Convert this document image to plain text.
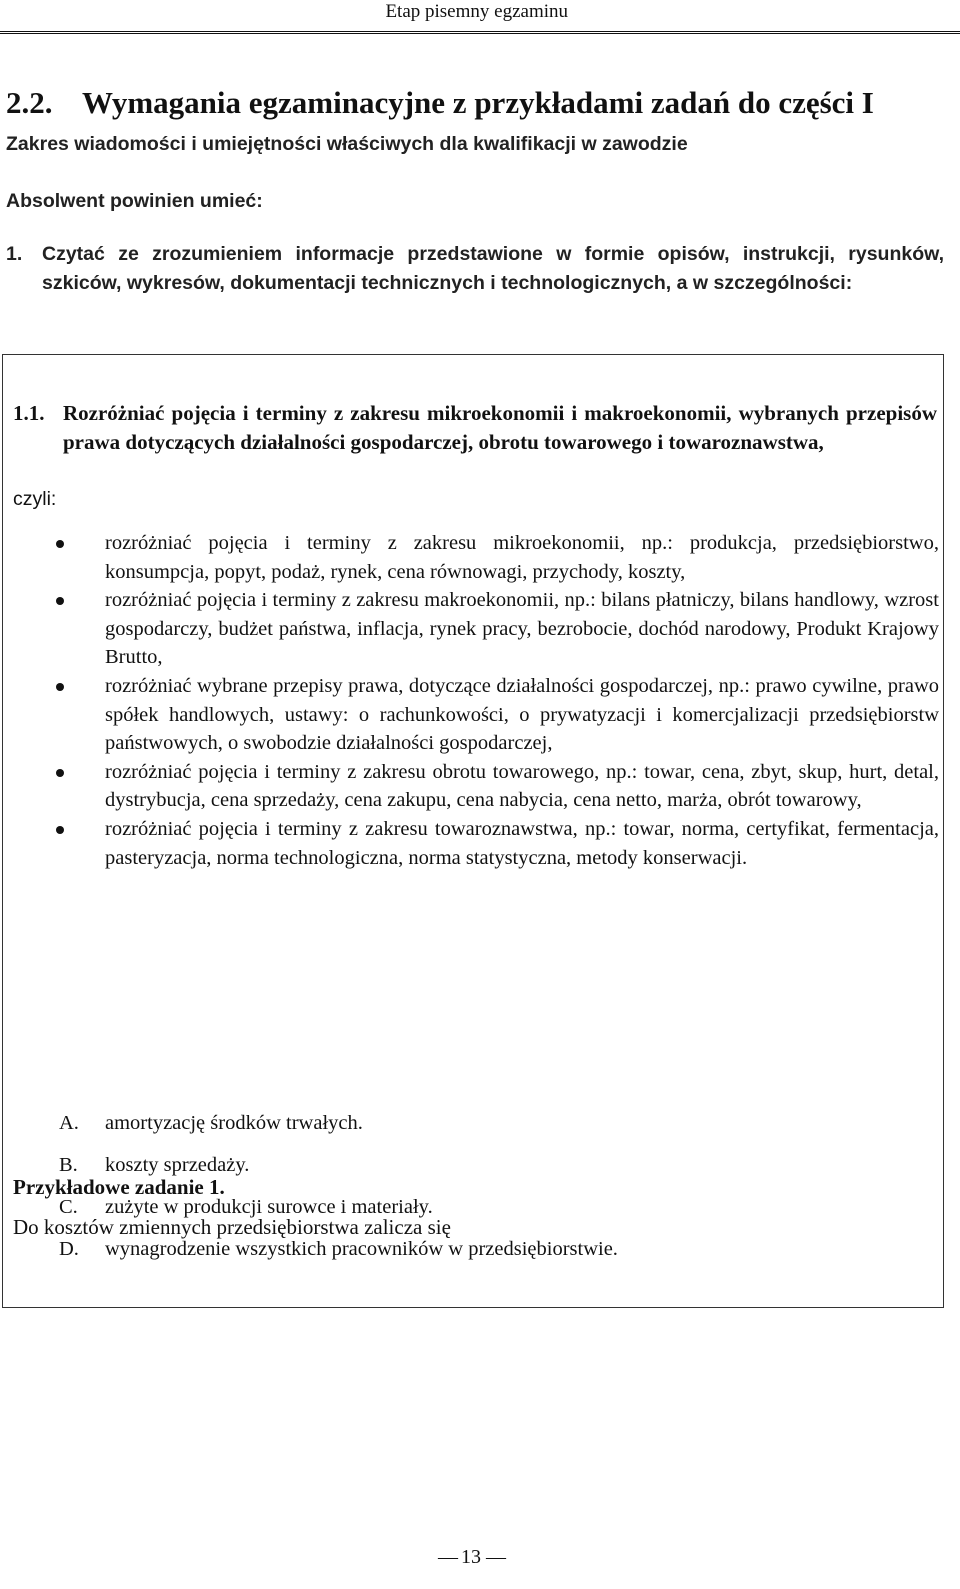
Etap pisemny egzaminu
2.2. Wymagania egzaminacyjne z przykładami zadań do części I
Zakres wiadomości i umiejętności właściwych dla kwalifikacji w zawodzie
Absolwent powinien umieć:
1. Czytać ze zrozumieniem informacje przedstawione w formie opisów, instrukcji, rysunków, szkiców, wykresów, dokumentacji technicznych i technologicznych, a w szczególności:
1.1. Rozróżniać pojęcia i terminy z zakresu mikroekonomii i makroekonomii, wybranych przepisów prawa dotyczących działalności gospodarczej, obrotu towarowego i towaroznawstwa,
czyli:
rozróżniać pojęcia i terminy z zakresu mikroekonomii, np.: produkcja, przedsiębiorstwo, konsumpcja, popyt, podaż, rynek, cena równowagi, przychody, koszty,
rozróżniać pojęcia i terminy z zakresu makroekonomii, np.: bilans płatniczy, bilans handlowy, wzrost gospodarczy, budżet państwa, inflacja, rynek pracy, bezrobocie, dochód narodowy, Produkt Krajowy Brutto,
rozróżniać wybrane przepisy prawa, dotyczące działalności gospodarczej, np.: prawo cywilne, prawo spółek handlowych, ustawy: o rachunkowości, o prywatyzacji i komercjalizacji przedsiębiorstw państwowych, o swobodzie działalności gospodarczej,
rozróżniać pojęcia i terminy z zakresu obrotu towarowego, np.: towar, cena, zbyt, skup, hurt, detal, dystrybucja, cena sprzedaży, cena zakupu, cena nabycia, cena netto, marża, obrót towarowy,
rozróżniać pojęcia i terminy z zakresu towaroznawstwa, np.: towar, norma, certyfikat, fermentacja, pasteryzacja, norma technologiczna, norma statystyczna, metody konserwacji.
Przykładowe zadanie 1.
Do kosztów zmiennych przedsiębiorstwa zalicza się
A. amortyzację środków trwałych.
B. koszty sprzedaży.
C. zużyte w produkcji surowce i materiały.
D. wynagrodzenie wszystkich pracowników w przedsiębiorstwie.
— 13 —
